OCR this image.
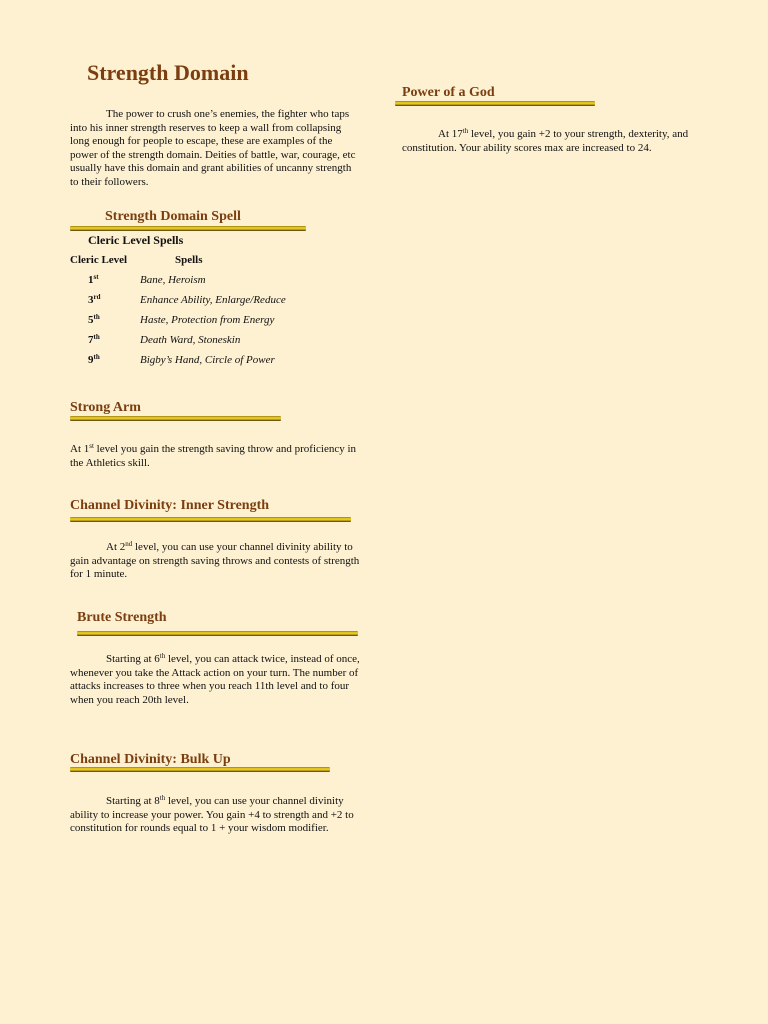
Strength Domain
The power to crush one’s enemies, the fighter who taps into his inner strength reserves to keep a wall from collapsing long enough for people to escape, these are examples of the power of the strength domain. Deities of battle, war, courage, etc usually have this domain and grant abilities of uncanny strength to their followers.
Strength Domain Spell
Cleric Level Spells
Cleric Level	Spells
1st	Bane, Heroism
3rd	Enhance Ability, Enlarge/Reduce
5th	Haste, Protection from Energy
7th	Death Ward, Stoneskin
9th	Bigby’s Hand, Circle of Power
Strong Arm
At 1st level you gain the strength saving throw and proficiency in the Athletics skill.
Channel Divinity: Inner Strength
At 2nd level, you can use your channel divinity ability to gain advantage on strength saving throws and contests of strength for 1 minute.
Brute Strength
Starting at 6th level, you can attack twice, instead of once, whenever you take the Attack action on your turn. The number of attacks increases to three when you reach 11th level and to four when you reach 20th level.
Channel Divinity: Bulk Up
Starting at 8th level, you can use your channel divinity ability to increase your power. You gain +4 to strength and +2 to constitution for rounds equal to 1 + your wisdom modifier.
Power of a God
At 17th level, you gain +2 to your strength, dexterity, and constitution. Your ability scores max are increased to 24.
